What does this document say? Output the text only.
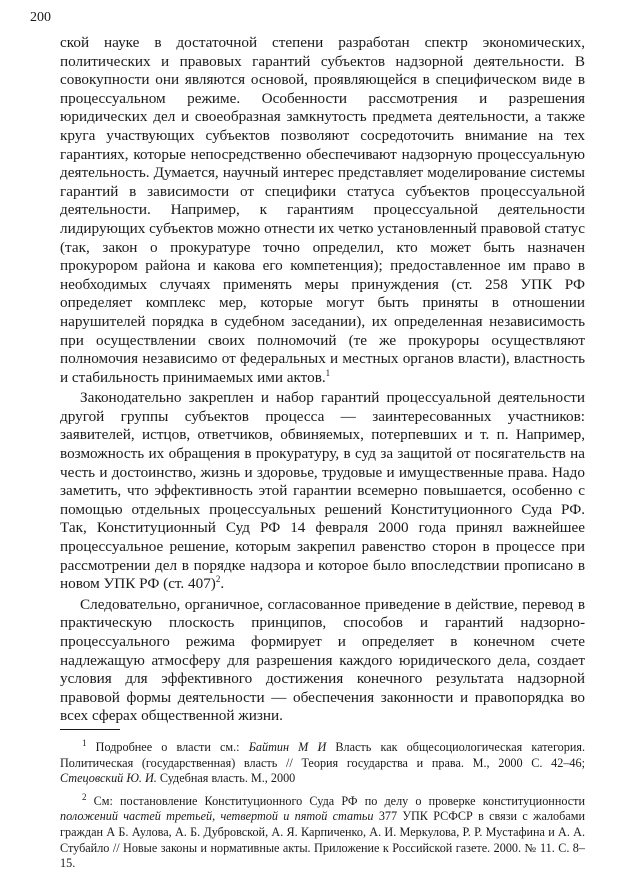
200

ской науке в достаточной степени разработан спектр экономических, политических и правовых гарантий субъектов надзорной деятельности. В совокупности они являются основой, проявляющейся в специфическом виде в процессуальном режиме. Особенности рассмотрения и разрешения юридических дел и своеобразная замкнутость предмета деятельности, а также круга участвующих субъектов позволяют сосредоточить внимание на тех гарантиях, которые непосредственно обеспечивают надзорную процессуальную деятельность. Думается, научный интерес представляет моделирование системы гарантий в зависимости от специфики статуса субъектов процессуальной деятельности. Например, к гарантиям процессуальной деятельности лидирующих субъектов можно отнести их четко установленный правовой статус (так, закон о прокуратуре точно определил, кто может быть назначен прокурором района и какова его компетенция); предоставленное им право в необходимых случаях применять меры принуждения (ст. 258 УПК РФ определяет комплекс мер, которые могут быть приняты в отношении нарушителей порядка в судебном заседании), их определенная независимость при осуществлении своих полномочий (те же прокуроры осуществляют полномочия независимо от федеральных и местных органов власти), властность и стабильность принимаемых ими актов.$^1$

Законодательно закреплен и набор гарантий процессуальной деятельности другой группы субъектов процесса — заинтересованных участников: заявителей, истцов, ответчиков, обвиняемых, потерпевших и т. п. Например, возможность их обращения в прокуратуру, в суд за защитой от посягательств на честь и достоинство, жизнь и здоровье, трудовые и имущественные права. Надо заметить, что эффективность этой гарантии всемерно повышается, особенно с помощью отдельных процессуальных решений Конституционного Суда РФ. Так, Конституционный Суд РФ 14 февраля 2000 года принял важнейшее процессуальное решение, которым закрепил равенство сторон в процессе при рассмотрении дел в порядке надзора и которое было впоследствии прописано в новом УПК РФ (ст. 407)$^2$.

Следовательно, органичное, согласованное приведение в действие, перевод в практическую плоскость принципов, способов и гарантий надзорно-процессуального режима формирует и определяет в конечном счете надлежащую атмосферу для разрешения каждого юридического дела, создает условия для эффективного достижения конечного результата надзорной правовой формы деятельности — обеспечения законности и правопорядка во всех сферах общественной жизни.

$^1$ Подробнее о власти см.: Байтин М И Власть как общесоциологическая категория. Политическая (государственная) власть // Теория государства и права. М., 2000 С. 42–46; Стецовский Ю. И. Судебная власть. М., 2000

$^2$ См: постановление Конституционного Суда РФ по делу о проверке конституционности положений частей третьей, четвертой и пятой статьи 377 УПК РСФСР в связи с жалобами граждан А Б. Аулова, А. Б. Дубровской, А. Я. Карпиченко, А. И. Меркулова, Р. Р. Мустафина и А. А. Стубайло // Новые законы и нормативные акты. Приложение к Российской газете. 2000. № 11. С. 8–15.
